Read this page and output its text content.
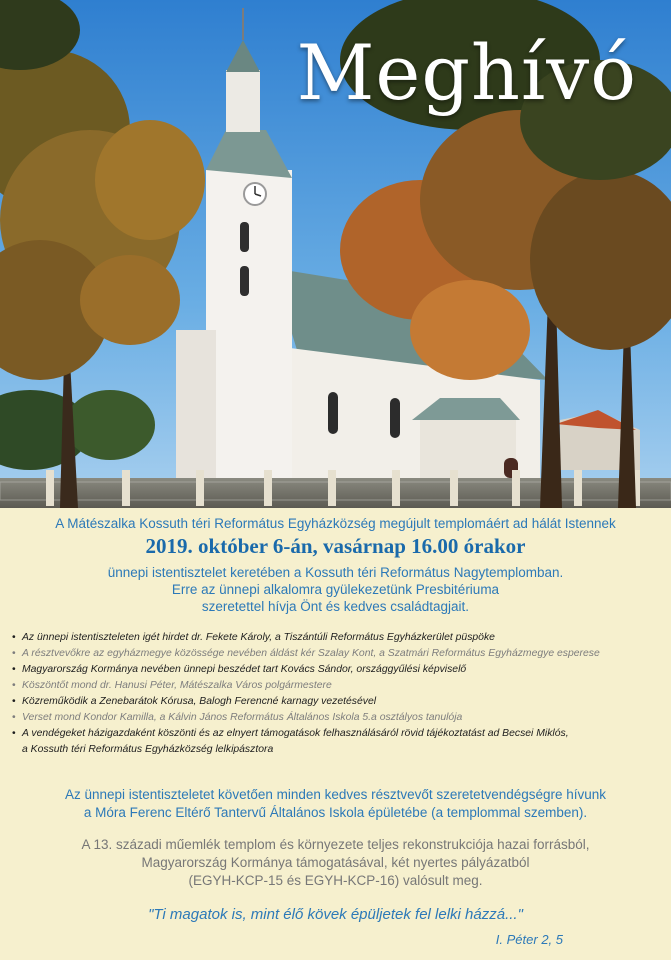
Meghívó
A Mátészalka Kossuth téri Református Egyházközség megújult templomáért ad hálát Istennek
2019. október 6-án, vasárnap 16.00 órakor
ünnepi istentisztelet keretében a Kossuth téri Református Nagytemplomban.
Erre az ünnepi alkalomra gyülekezetünk Presbitériuma
szeretettel hívja Önt és kedves családtagjait.
• Az ünnepi istentiszteleten igét hirdet dr. Fekete Károly, a Tiszántúli Református Egyházkerület püspöke
• A résztvevőkre az egyházmegye közössége nevében áldást kér Szalay Kont, a Szatmári Református Egyházmegye esperese
• Magyarország Kormánya nevében ünnepi beszédet tart Kovács Sándor, országgyűlési képviselő
• Köszöntőt mond dr. Hanusi Péter, Mátészalka Város polgármestere
• Közreműködik a Zenebarátok Kórusa, Balogh Ferencné karnagy vezetésével
• Verset mond Kondor Kamilla, a Kálvin János Református Általános Iskola 5.a osztályos tanulója
• A vendégeket házigazdaként köszönti és az elnyert támogatások felhasználásáról rövid tájékoztatást ad Becsei Miklós,
a Kossuth téri Református Egyházközség lelkipásztora
Az ünnepi istentiszteletet követően minden kedves résztvevőt szeretetvendégségre hívunk
a Móra Ferenc Eltérő Tantervű Általános Iskola épületébe (a templommal szemben).
A 13. századi műemlék templom és környezete teljes rekonstrukciója hazai forrásból,
Magyarország Kormánya támogatásával, két nyertes pályázatból
(EGYH-KCP-15 és EGYH-KCP-16) valósult meg.
"Ti magatok is, mint élő kövek épüljetek fel lelki házzá..."
I. Péter 2, 5
